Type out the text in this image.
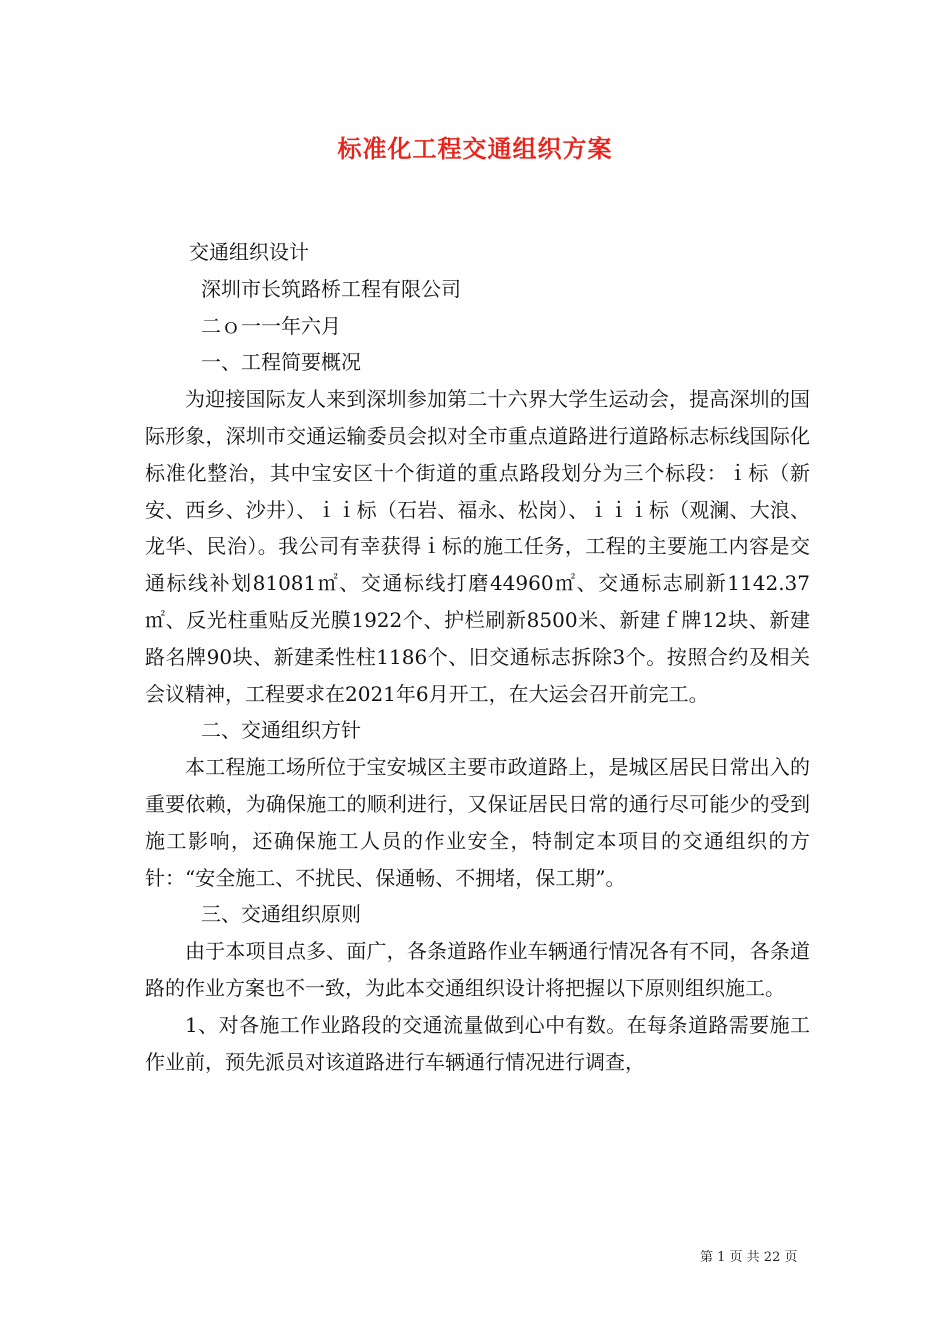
标准化工程交通组织方案
交通组织设计
深圳市长筑路桥工程有限公司
二ｏ一一年六月
一、工程简要概况

为迎接国际友人来到深圳参加第二十六界大学生运动会，提高深圳的国际形象，深圳市交通运输委员会拟对全市重点道路进行道路标志标线国际化标准化整治，其中宝安区十个街道的重点路段划分为三个标段：ｉ标（新安、西乡、沙井）、ｉｉ标（石岩、福永、松岗）、ｉｉｉ标（观澜、大浪、龙华、民治）。我公司有幸获得ｉ标的施工任务，工程的主要施工内容是交通标线补划81081㎡、交通标线打磨44960㎡、交通标志刷新1142.37㎡、反光柱重贴反光膜1922个、护栏刷新8500米、新建ｆ牌12块、新建路名牌90块、新建柔性柱1186个、旧交通标志拆除3个。按照合约及相关会议精神，工程要求在2021年6月开工，在大运会召开前完工。

二、交通组织方针

本工程施工场所位于宝安城区主要市政道路上，是城区居民日常出入的重要依赖，为确保施工的顺利进行，又保证居民日常的通行尽可能少的受到施工影响，还确保施工人员的作业安全，特制定本项目的交通组织的方针：“安全施工、不扰民、保通畅、不拥堵，保工期”。

三、交通组织原则

由于本项目点多、面广，各条道路作业车辆通行情况各有不同，各条道路的作业方案也不一致，为此本交通组织设计将把握以下原则组织施工。

1、对各施工作业路段的交通流量做到心中有数。在每条道路需要施工作业前，预先派员对该道路进行车辆通行情况进行调查，

第 1 页 共 22 页
